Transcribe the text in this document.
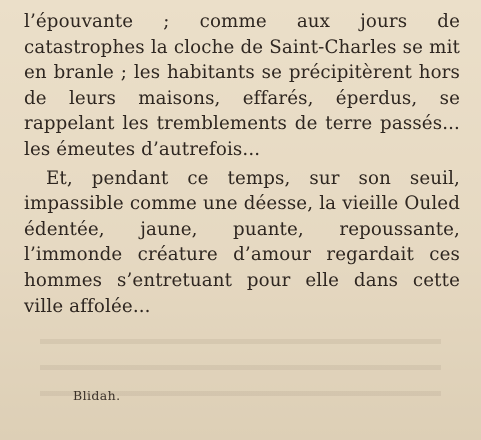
l’épouvante ; comme aux jours de catastrophes la cloche de Saint-Charles se mit en branle ; les habitants se précipitèrent hors de leurs maisons, effarés, éperdus, se rappelant les tremblements de terre passés... les émeutes d’autrefois...

Et, pendant ce temps, sur son seuil, impassible comme une déesse, la vieille Ouled édentée, jaune, puante, repoussante, l’immonde créature d’amour regardait ces hommes s’entretuant pour elle dans cette ville affolée...

Blidah.
